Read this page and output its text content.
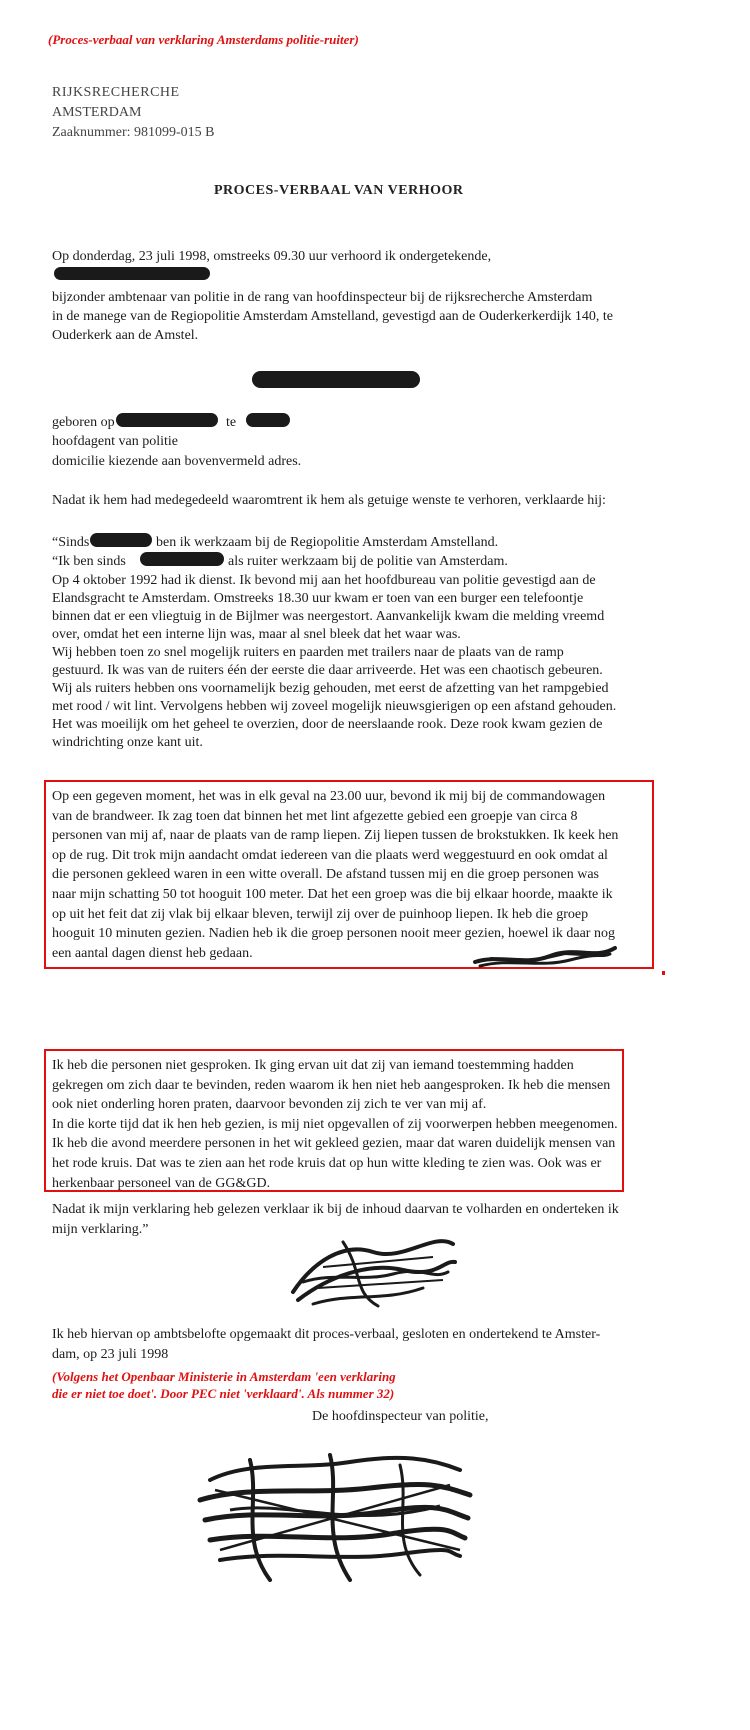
(Proces-verbaal van verklaring Amsterdams politie-ruiter)
RIJKSRECHERCHE
AMSTERDAM
Zaaknummer: 981099-015 B
PROCES-VERBAAL VAN VERHOOR
Op donderdag, 23 juli 1998, omstreeks 09.30 uur verhoord ik ondergetekende,
bijzonder ambtenaar van politie in de rang van hoofdinspecteur bij de rijksrecherche Amsterdam
in de manege van de Regiopolitie Amsterdam Amstelland, gevestigd aan de Ouderkerkerdijk 140, te
Ouderkerk aan de Amstel.
geboren op	te
hoofdagent van politie
domicilie kiezende aan bovenvermeld adres.
Nadat ik hem had medegedeeld waaromtrent ik hem als getuige wenste te verhoren, verklaarde hij:
“Sinds	ben ik werkzaam bij de Regiopolitie Amsterdam Amstelland.
“Ik ben sinds	als ruiter werkzaam bij de politie van Amsterdam.
Op 4 oktober 1992 had ik dienst. Ik bevond mij aan het hoofdbureau van politie gevestigd aan de
Elandsgracht te Amsterdam. Omstreeks 18.30 uur kwam er toen van een burger een telefoontje
binnen dat er een vliegtuig in de Bijlmer was neergestort. Aanvankelijk kwam die melding vreemd
over, omdat het een interne lijn was, maar al snel bleek dat het waar was.
Wij hebben toen zo snel mogelijk ruiters en paarden met trailers naar de plaats van de ramp
gestuurd. Ik was van de ruiters één der eerste die daar arriveerde. Het was een chaotisch gebeuren.
Wij als ruiters hebben ons voornamelijk bezig gehouden, met eerst de afzetting van het rampgebied
met rood / wit lint. Vervolgens hebben wij zoveel mogelijk nieuwsgierigen op een afstand gehouden.
Het was moeilijk om het geheel te overzien, door de neerslaande rook. Deze rook kwam gezien de
windrichting onze kant uit.
Op een gegeven moment, het was in elk geval na 23.00 uur, bevond ik mij bij de commandowagen
van de brandweer. Ik zag toen dat binnen het met lint afgezette gebied een groepje van circa 8
personen van mij af, naar de plaats van de ramp liepen. Zij liepen tussen de brokstukken. Ik keek hen
op de rug. Dit trok mijn aandacht omdat iedereen van die plaats werd weggestuurd en ook omdat al
die personen gekleed waren in een witte overall. De afstand tussen mij en die groep personen was
naar mijn schatting 50 tot hooguit 100 meter. Dat het een groep was die bij elkaar hoorde, maakte ik
op uit het feit dat zij vlak bij elkaar bleven, terwijl zij over de puinhoop liepen. Ik heb die groep
hooguit 10 minuten gezien. Nadien heb ik die groep personen nooit meer gezien, hoewel ik daar nog
een aantal dagen dienst heb gedaan.
Ik heb die personen niet gesproken. Ik ging ervan uit dat zij van iemand toestemming hadden
gekregen om zich daar te bevinden, reden waarom ik hen niet heb aangesproken. Ik heb die mensen
ook niet onderling horen praten, daarvoor bevonden zij zich te ver van mij af.
In die korte tijd dat ik hen heb gezien, is mij niet opgevallen of zij voorwerpen hebben meegenomen.
Ik heb die avond meerdere personen in het wit gekleed gezien, maar dat waren duidelijk mensen van
het rode kruis. Dat was te zien aan het rode kruis dat op hun witte kleding te zien was. Ook was er
herkenbaar personeel van de GG&GD.
Nadat ik mijn verklaring heb gelezen verklaar ik bij de inhoud daarvan te volharden en onderteken ik
mijn verklaring.”
Ik heb hiervan op ambtsbelofte opgemaakt dit proces-verbaal, gesloten en ondertekend te Amster-
dam, op 23 juli 1998
(Volgens het Openbaar Ministerie in Amsterdam 'een verklaring
die er niet toe doet'. Door PEC niet 'verklaard'. Als nummer 32)
De hoofdinspecteur van politie,
